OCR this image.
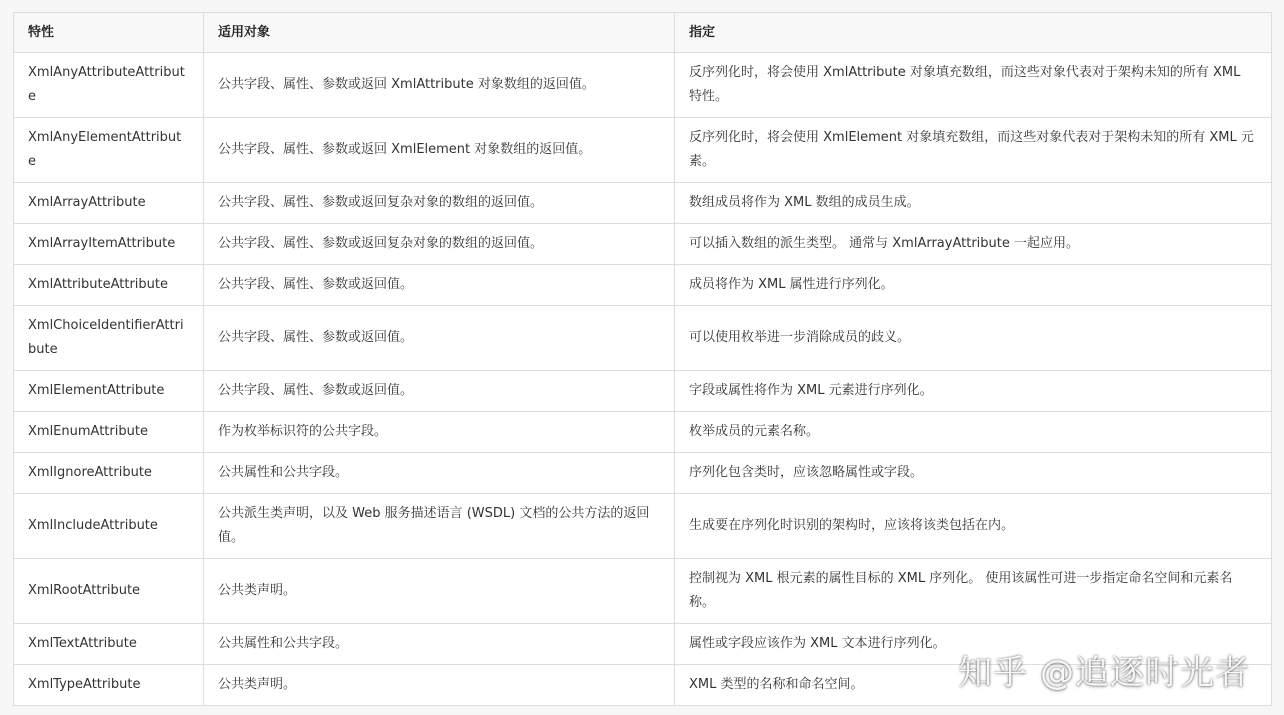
特性	适用对象	指定
XmlAnyAttributeAttribute	公共字段、属性、参数或返回 XmlAttribute 对象数组的返回值。	反序列化时，将会使用 XmlAttribute 对象填充数组，而这些对象代表对于架构未知的所有 XML 特性。
XmlAnyElementAttribute	公共字段、属性、参数或返回 XmlElement 对象数组的返回值。	反序列化时，将会使用 XmlElement 对象填充数组，而这些对象代表对于架构未知的所有 XML 元素。
XmlArrayAttribute	公共字段、属性、参数或返回复杂对象的数组的返回值。	数组成员将作为 XML 数组的成员生成。
XmlArrayItemAttribute	公共字段、属性、参数或返回复杂对象的数组的返回值。	可以插入数组的派生类型。 通常与 XmlArrayAttribute 一起应用。
XmlAttributeAttribute	公共字段、属性、参数或返回值。	成员将作为 XML 属性进行序列化。
XmlChoiceIdentifierAttribute	公共字段、属性、参数或返回值。	可以使用枚举进一步消除成员的歧义。
XmlElementAttribute	公共字段、属性、参数或返回值。	字段或属性将作为 XML 元素进行序列化。
XmlEnumAttribute	作为枚举标识符的公共字段。	枚举成员的元素名称。
XmlIgnoreAttribute	公共属性和公共字段。	序列化包含类时，应该忽略属性或字段。
XmlIncludeAttribute	公共派生类声明，以及 Web 服务描述语言 (WSDL) 文档的公共方法的返回值。	生成要在序列化时识别的架构时，应该将该类包括在内。
XmlRootAttribute	公共类声明。	控制视为 XML 根元素的属性目标的 XML 序列化。 使用该属性可进一步指定命名空间和元素名称。
XmlTextAttribute	公共属性和公共字段。	属性或字段应该作为 XML 文本进行序列化。
XmlTypeAttribute	公共类声明。	XML 类型的名称和命名空间。	知乎 @追逐时光者
